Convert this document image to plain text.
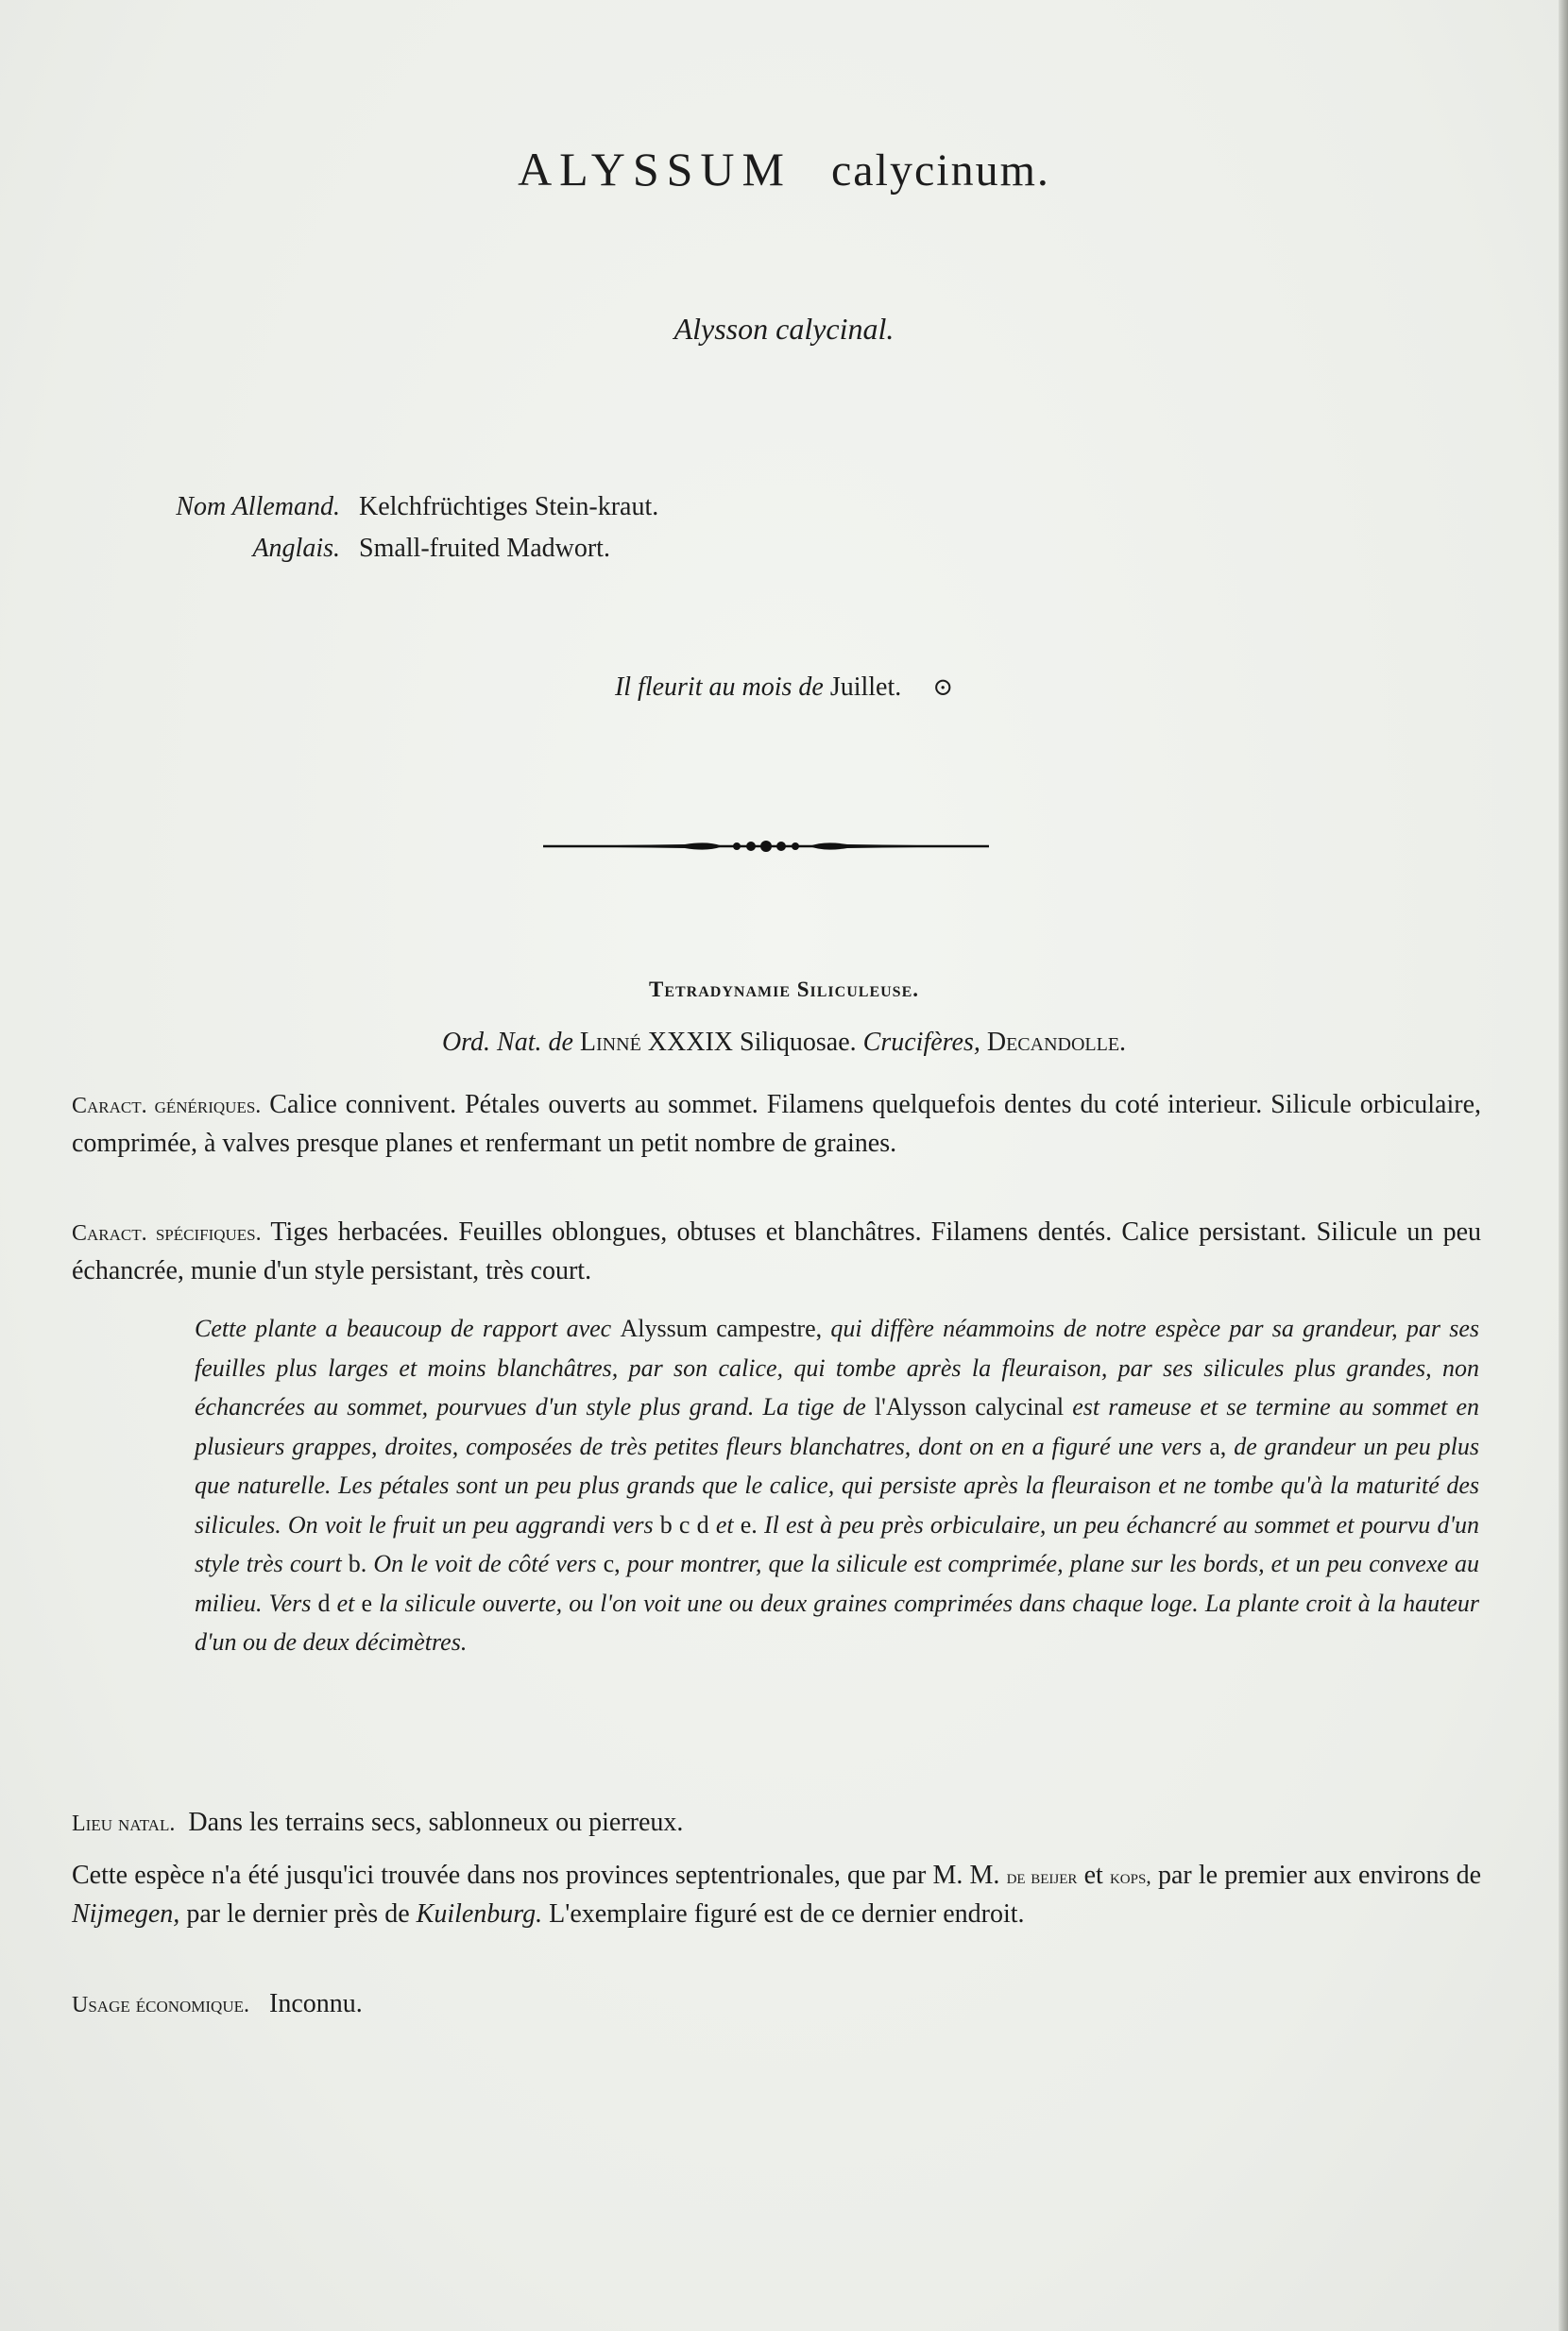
ALYSSUM calycinum.
Alysson calycinal.
Nom Allemand. Kelchfrüchtiges Stein-kraut.
Anglais. Small-fruited Madwort.
Il fleurit au mois de Juillet. ⊙
Tetradynamie Siliculeuse.
Ord. Nat. de Linné XXXIX Siliquosae. Crucifères, Decandolle.
Caract. génériques. Calice connivent. Pétales ouverts au sommet. Filamens quelquefois dentes du coté interieur. Silicule orbiculaire, comprimée, à valves presque planes et renfermant un petit nombre de graines.
Caract. spécifiques. Tiges herbacées. Feuilles oblongues, obtuses et blanchâtres. Filamens dentés. Calice persistant. Silicule un peu échancrée, munie d'un style persistant, très court.
Cette plante a beaucoup de rapport avec Alyssum campestre, qui diffère néammoins de notre espèce par sa grandeur, par ses feuilles plus larges et moins blanchâtres, par son calice, qui tombe après la fleuraison, par ses silicules plus grandes, non échancrées au sommet, pourvues d'un style plus grand. La tige de l'Alysson calycinal est rameuse et se termine au sommet en plusieurs grappes, droites, composées de très petites fleurs blanchatres, dont on en a figuré une vers a, de grandeur un peu plus que naturelle. Les pétales sont un peu plus grands que le calice, qui persiste après la fleuraison et ne tombe qu'à la maturité des silicules. On voit le fruit un peu aggrandi vers b c d et e. Il est à peu près orbiculaire, un peu échancré au sommet et pourvu d'un style très court b. On le voit de côté vers c, pour montrer, que la silicule est comprimée, plane sur les bords, et un peu convexe au milieu. Vers d et e la silicule ouverte, ou l'on voit une ou deux graines comprimées dans chaque loge. La plante croit à la hauteur d'un ou de deux décimètres.
Lieu natal. Dans les terrains secs, sablonneux ou pierreux.
Cette espèce n'a été jusqu'ici trouvée dans nos provinces septentrionales, que par M. M. de beijer et kops, par le premier aux environs de Nijmegen, par le dernier près de Kuilenburg. L'exemplaire figuré est de ce dernier endroit.
Usage économique. Inconnu.
